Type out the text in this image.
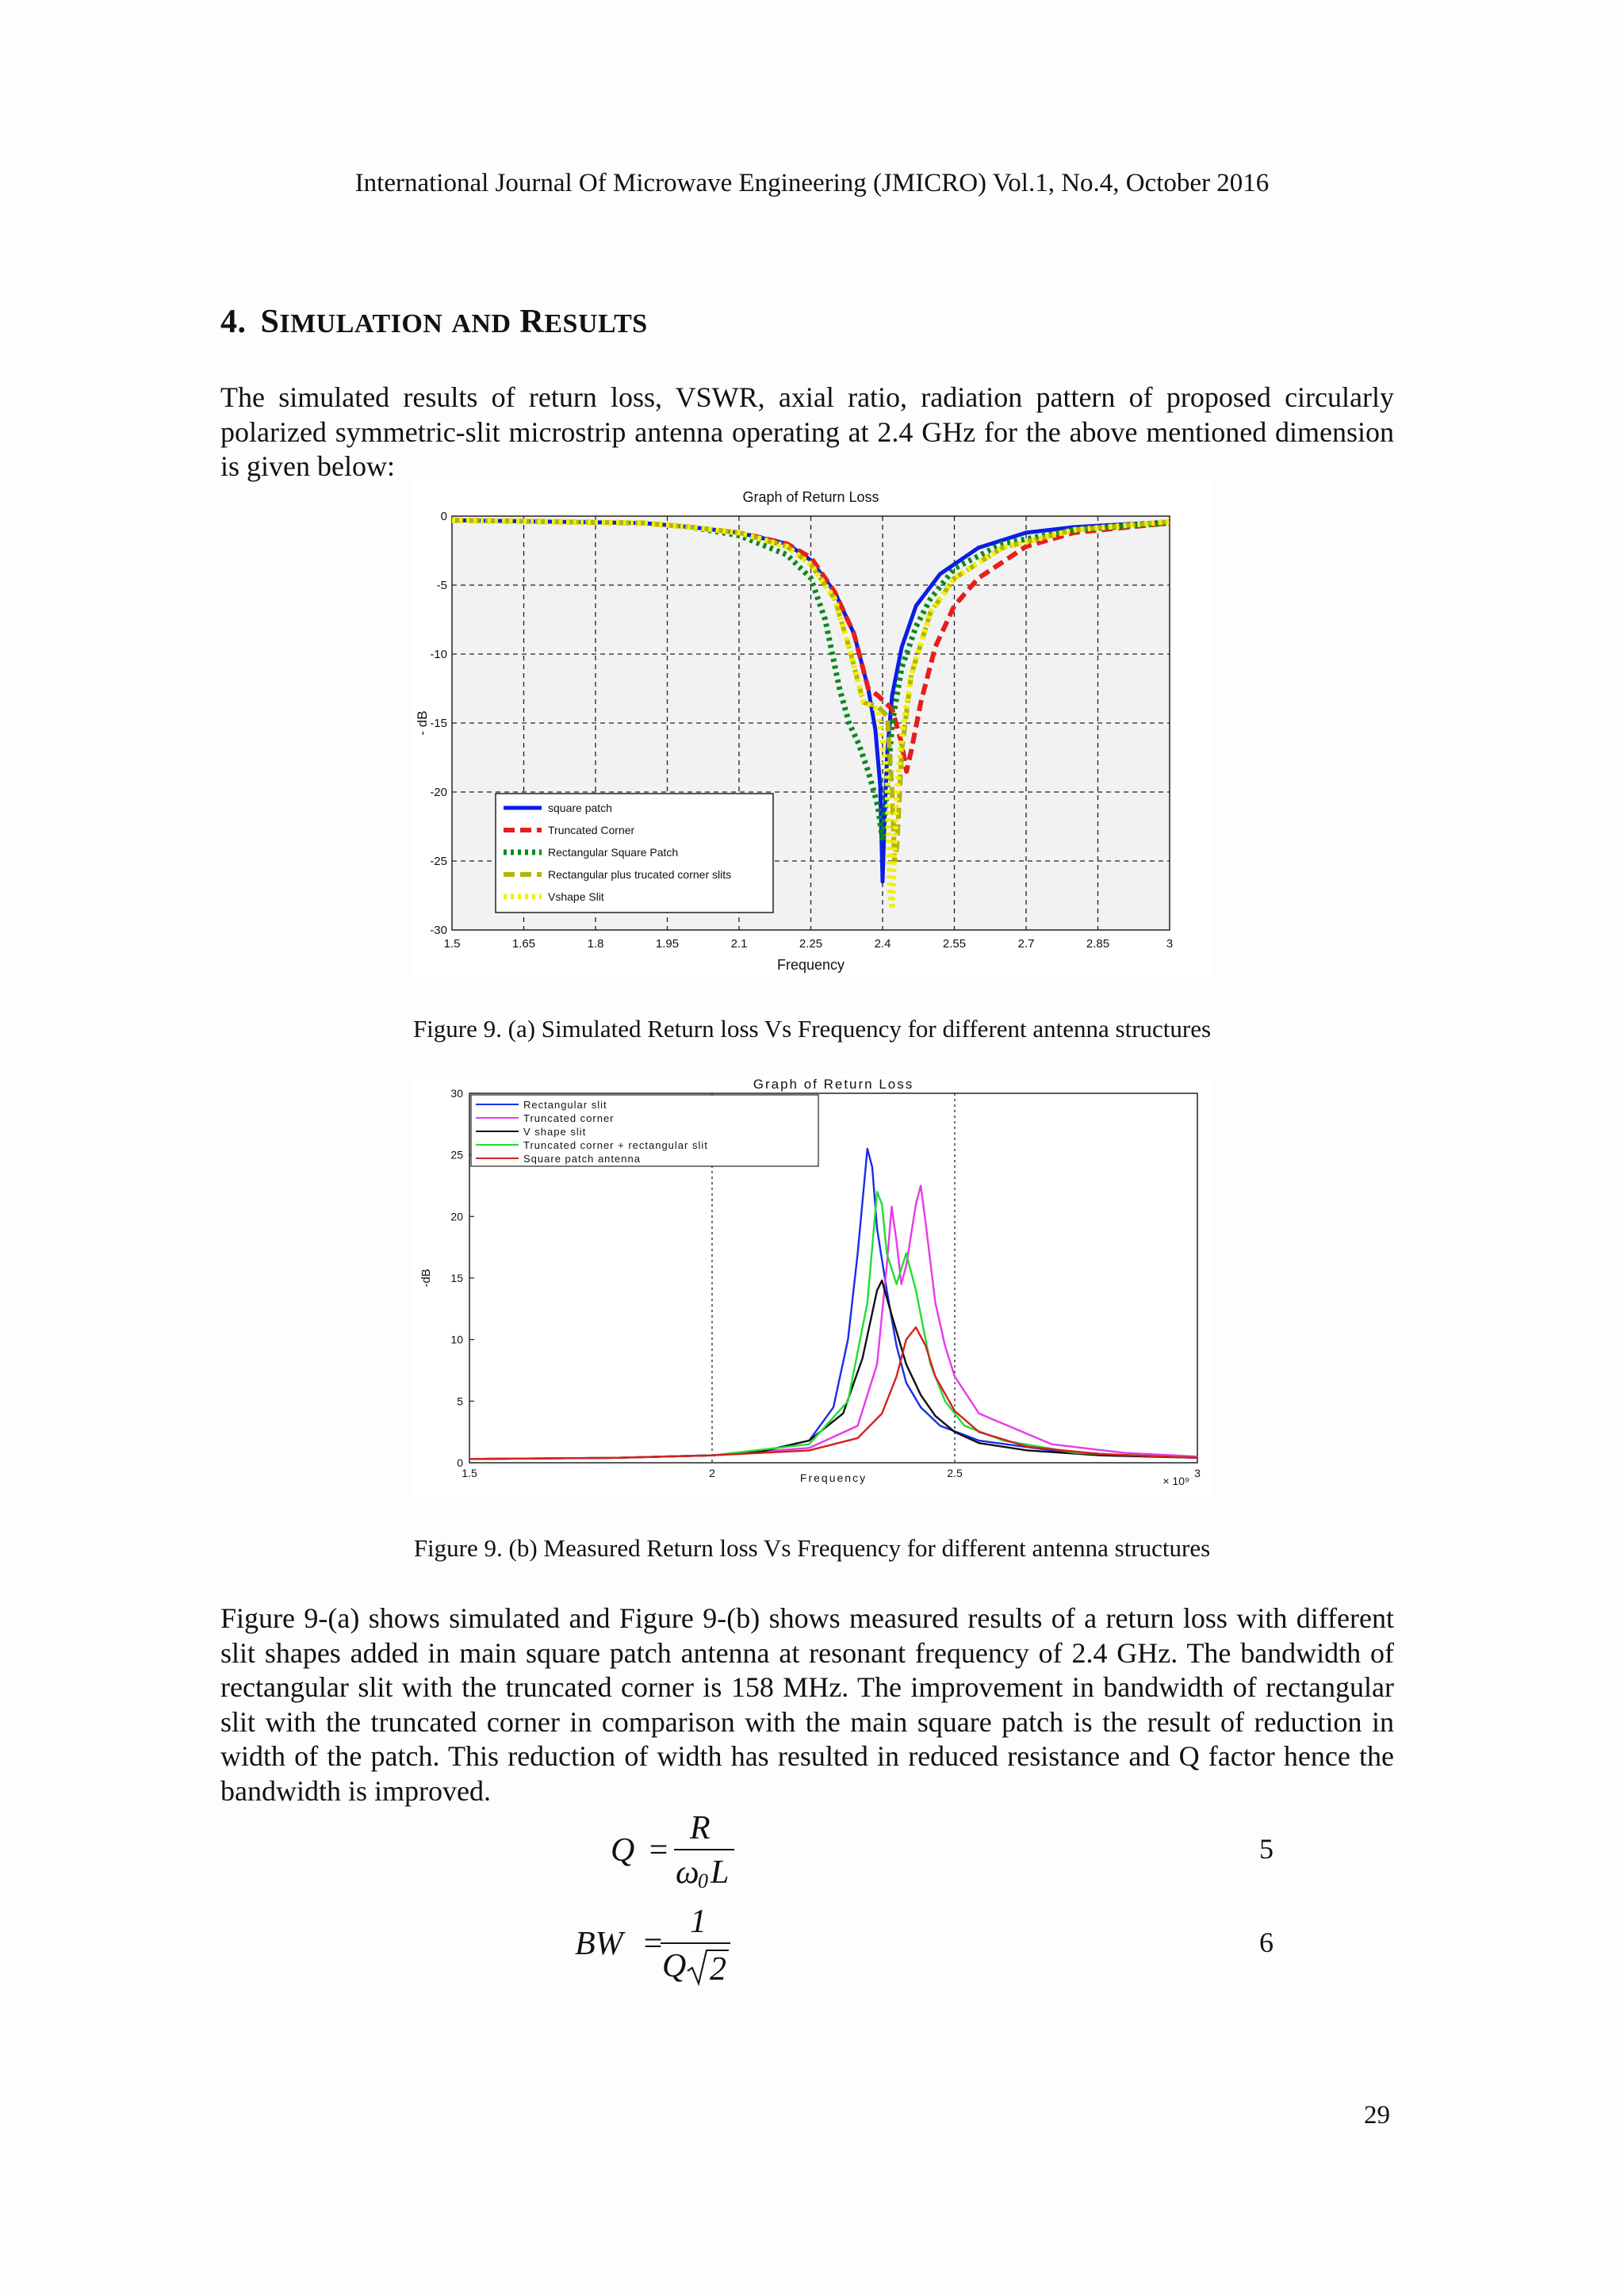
International Journal Of Microwave Engineering (JMICRO) Vol.1, No.4, October 2016
4. SIMULATION AND RESULTS

The simulated results of return loss, VSWR, axial ratio, radiation pattern of proposed circularly polarized symmetric-slit microstrip antenna operating at 2.4 GHz for the above mentioned dimension is given below:

1.5	1.65	1.8	1.95	2.1	2.25	2.4	2.55	2.7	2.85	3
0
-5
-10
-15
-20
-25
-30
Graph of Return Loss
Frequency
- dB
square patch
Truncated Corner
Rectangular Square Patch
Rectangular plus trucated corner slits
Vshape Slit
Figure 9. (a) Simulated Return loss Vs Frequency for different antenna structures
Graph of Return Loss
1.5	2	2.5	3
0
5
10
15
20
25
30
Frequency	× 10⁹
-dB
Rectangular slit
Truncated corner
V shape slit
Truncated corner + rectangular slit
Square patch antenna
Figure 9. (b) Measured Return loss Vs Frequency for different antenna structures

Figure 9-(a) shows simulated and Figure 9-(b) shows measured results of a return loss with different slit shapes added in main square patch antenna at resonant frequency of 2.4 GHz. The bandwidth of rectangular slit with the truncated corner is 158 MHz. The improvement in bandwidth of rectangular slit with the truncated corner in comparison with the main square patch is the result of reduction in width of the patch. This reduction of width has resulted in reduced resistance and Q factor hence the bandwidth is improved.

Q =
R
ω
0 L
5
BW =
1
Q 2
6
29
